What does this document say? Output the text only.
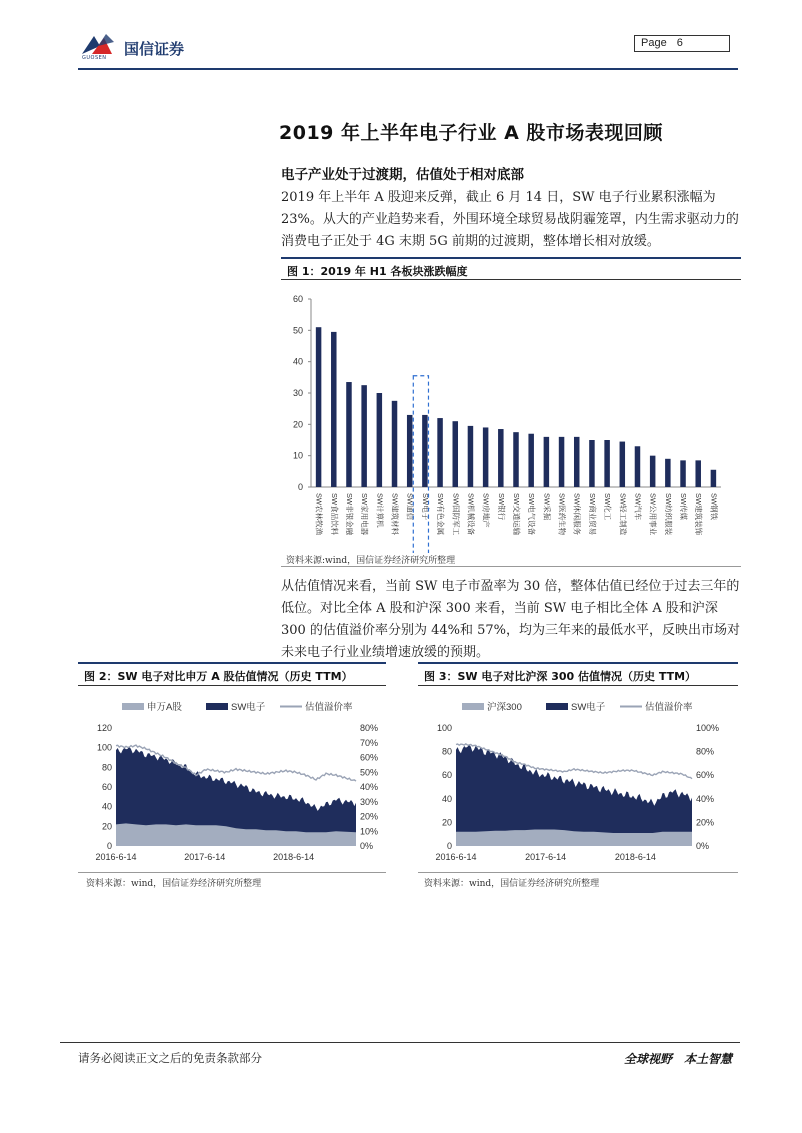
国信证券
GUOSEN
Page 6
2019 年上半年电子行业 A 股市场表现回顾
电子产业处于过渡期，估值处于相对底部
2019 年上半年 A 股迎来反弹，截止 6 月 14 日，SW 电子行业累积涨幅为 23%。从大的产业趋势来看，外围环境全球贸易战阴霾笼罩，内生需求驱动力的消费电子正处于 4G 末期 5G 前期的过渡期，整体增长相对放缓。
图 1：2019 年 H1 各板块涨跌幅度
0
10
20
30
40
50
60
SW农林牧渔 SW食品饮料 SW非银金融 SW家用电器 SW计算机 SW建筑材料 SW通信 SW电子 SW有色金属 SW国防军工 SW机械设备 SW房地产 SW银行 SW交通运输 SW电气设备 SW采掘 SW医药生物 SW休闲服务 SW商业贸易 SW化工 SW轻工制造 SW汽车 SW公用事业 SW纺织服装 SW传媒 SW建筑装饰 SW钢铁
资料来源:wind，国信证券经济研究所整理
从估值情况来看，当前 SW 电子市盈率为 30 倍，整体估值已经位于过去三年的低位。对比全体 A 股和沪深 300 来看，当前 SW 电子相比全体 A 股和沪深 300 的估值溢价率分别为 44%和 57%，均为三年来的最低水平，反映出市场对未来电子行业业绩增速放缓的预期。
图 2：SW 电子对比申万 A 股估值情况（历史 TTM）
申万A股	SW电子	估值溢价率
0
20
40
60
80
100
120
0%
10%
20%
30%
40%
50%
60%
70%
80%
2016-6-14	2017-6-14	2018-6-14
资料来源：wind，国信证券经济研究所整理
图 3：SW 电子对比沪深 300 估值情况（历史 TTM）
沪深300	SW电子	估值溢价率
0
20
40
60
80
100
0%
20%
40%
60%
80%
100%
2016-6-14	2017-6-14	2018-6-14
资料来源：wind，国信证券经济研究所整理
请务必阅读正文之后的免责条款部分	全球视野　本土智慧
